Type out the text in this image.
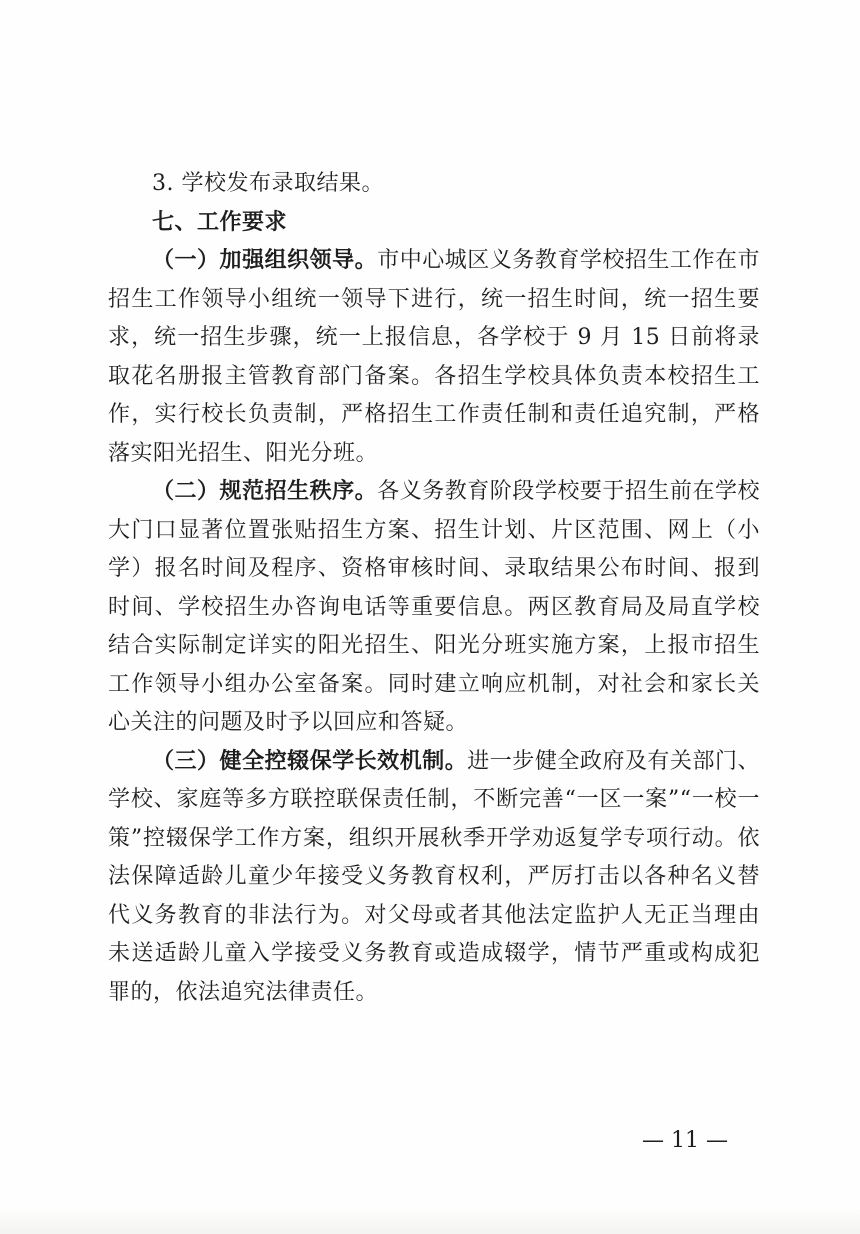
3. 学校发布录取结果。

七、工作要求

（一）加强组织领导。市中心城区义务教育学校招生工作在市招生工作领导小组统一领导下进行，统一招生时间，统一招生要求，统一招生步骤，统一上报信息，各学校于 9 月 15 日前将录取花名册报主管教育部门备案。各招生学校具体负责本校招生工作，实行校长负责制，严格招生工作责任制和责任追究制，严格落实阳光招生、阳光分班。

（二）规范招生秩序。各义务教育阶段学校要于招生前在学校大门口显著位置张贴招生方案、招生计划、片区范围、网上（小学）报名时间及程序、资格审核时间、录取结果公布时间、报到时间、学校招生办咨询电话等重要信息。两区教育局及局直学校结合实际制定详实的阳光招生、阳光分班实施方案，上报市招生工作领导小组办公室备案。同时建立响应机制，对社会和家长关心关注的问题及时予以回应和答疑。

（三）健全控辍保学长效机制。进一步健全政府及有关部门、学校、家庭等多方联控联保责任制，不断完善“一区一案”“一校一策”控辍保学工作方案，组织开展秋季开学劝返复学专项行动。依法保障适龄儿童少年接受义务教育权利，严厉打击以各种名义替代义务教育的非法行为。对父母或者其他法定监护人无正当理由未送适龄儿童入学接受义务教育或造成辍学，情节严重或构成犯罪的，依法追究法律责任。

— 11 —
